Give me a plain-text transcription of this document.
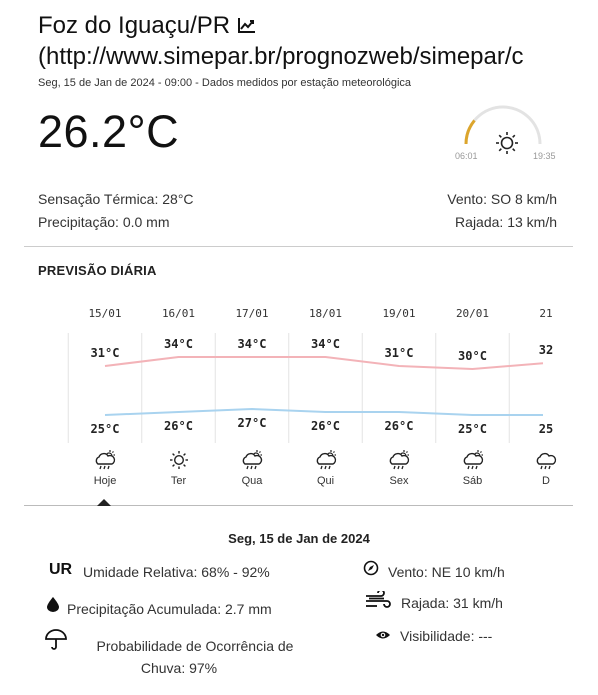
Foz do Iguaçu/PR
(http://www.simepar.br/prognozweb/simepar/c
Seg, 15 de Jan de 2024 - 09:00 - Dados medidos por estação meteorológica
26.2°C	06:01	19:35
Sensação Térmica: 28°C
Precipitação: 0.0 mm
Vento: SO 8 km/h
Rajada: 13 km/h
PREVISÃO DIÁRIA
15/01
31°C
25°C
Hoje
16/01
34°C
26°C
Ter
17/01
34°C
27°C
Qua
18/01
34°C
26°C
Qui
19/01
31°C
26°C
Sex
20/01
30°C
25°C
Sáb
21
32
25
D
Seg, 15 de Jan de 2024
UR Umidade Relativa: 68% - 92%
Precipitação Acumulada: 2.7 mm
Probabilidade de Ocorrência de
Chuva: 97%
Vento: NE 10 km/h
Rajada: 31 km/h
Visibilidade: ---
